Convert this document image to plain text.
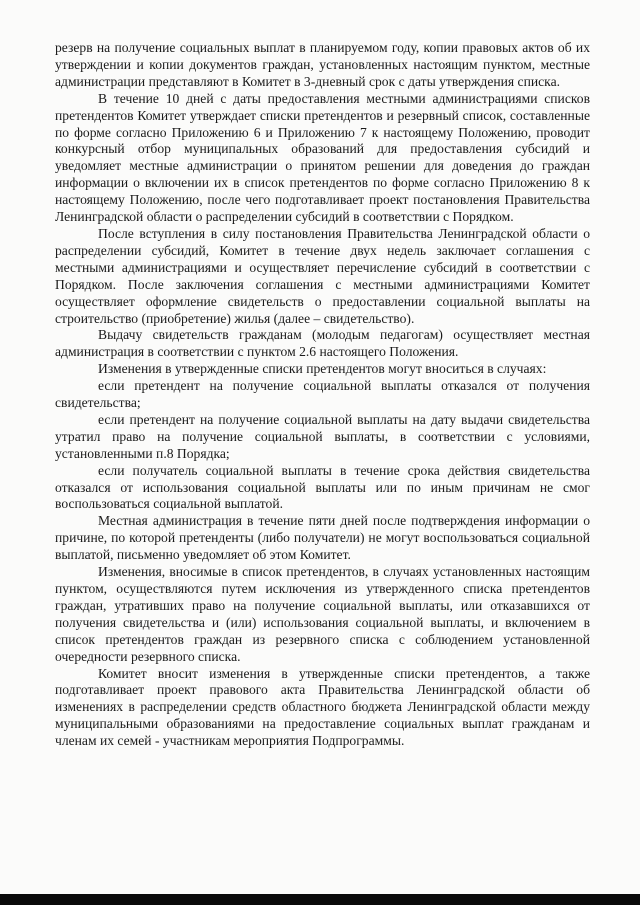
резерв на получение социальных выплат в планируемом году, копии правовых актов об их утверждении и копии документов граждан, установленных настоящим пунктом, местные администрации представляют в Комитет в 3-дневный срок с даты утверждения списка.

В течение 10 дней с даты предоставления местными администрациями списков претендентов Комитет утверждает списки претендентов и резервный список, составленные по форме согласно Приложению 6 и Приложению 7 к настоящему Положению, проводит конкурсный отбор муниципальных образований для предоставления субсидий и уведомляет местные администрации о принятом решении для доведения до граждан информации о включении их в список претендентов по форме согласно Приложению 8 к настоящему Положению, после чего подготавливает проект постановления Правительства Ленинградской области о распределении субсидий в соответствии с Порядком.

После вступления в силу постановления Правительства Ленинградской области о распределении субсидий, Комитет в течение двух недель заключает соглашения с местными администрациями и осуществляет перечисление субсидий в соответствии с Порядком. После заключения соглашения с местными администрациями Комитет осуществляет оформление свидетельств о предоставлении социальной выплаты на строительство (приобретение) жилья (далее – свидетельство).

Выдачу свидетельств гражданам (молодым педагогам) осуществляет местная администрация в соответствии с пунктом 2.6 настоящего Положения.

Изменения в утвержденные списки претендентов могут вноситься в случаях:

если претендент на получение социальной выплаты отказался от получения свидетельства;

если претендент на получение социальной выплаты на дату выдачи свидетельства утратил право на получение социальной выплаты, в соответствии с условиями, установленными п.8 Порядка;

если получатель социальной выплаты в течение срока действия свидетельства отказался от использования социальной выплаты или по иным причинам не смог воспользоваться социальной выплатой.

Местная администрация в течение пяти дней после подтверждения информации о причине, по которой претенденты (либо получатели) не могут воспользоваться социальной выплатой, письменно уведомляет об этом Комитет.

Изменения, вносимые в список претендентов, в случаях установленных настоящим пунктом, осуществляются путем исключения из утвержденного списка претендентов граждан, утративших право на получение социальной выплаты, или отказавшихся от получения свидетельства и (или) использования социальной выплаты, и включением в список претендентов граждан из резервного списка с соблюдением установленной очередности резервного списка.

Комитет вносит изменения в утвержденные списки претендентов, а также подготавливает проект правового акта Правительства Ленинградской области об изменениях в распределении средств областного бюджета Ленинградской области между муниципальными образованиями на предоставление социальных выплат гражданам и членам их семей - участникам мероприятия Подпрограммы.
